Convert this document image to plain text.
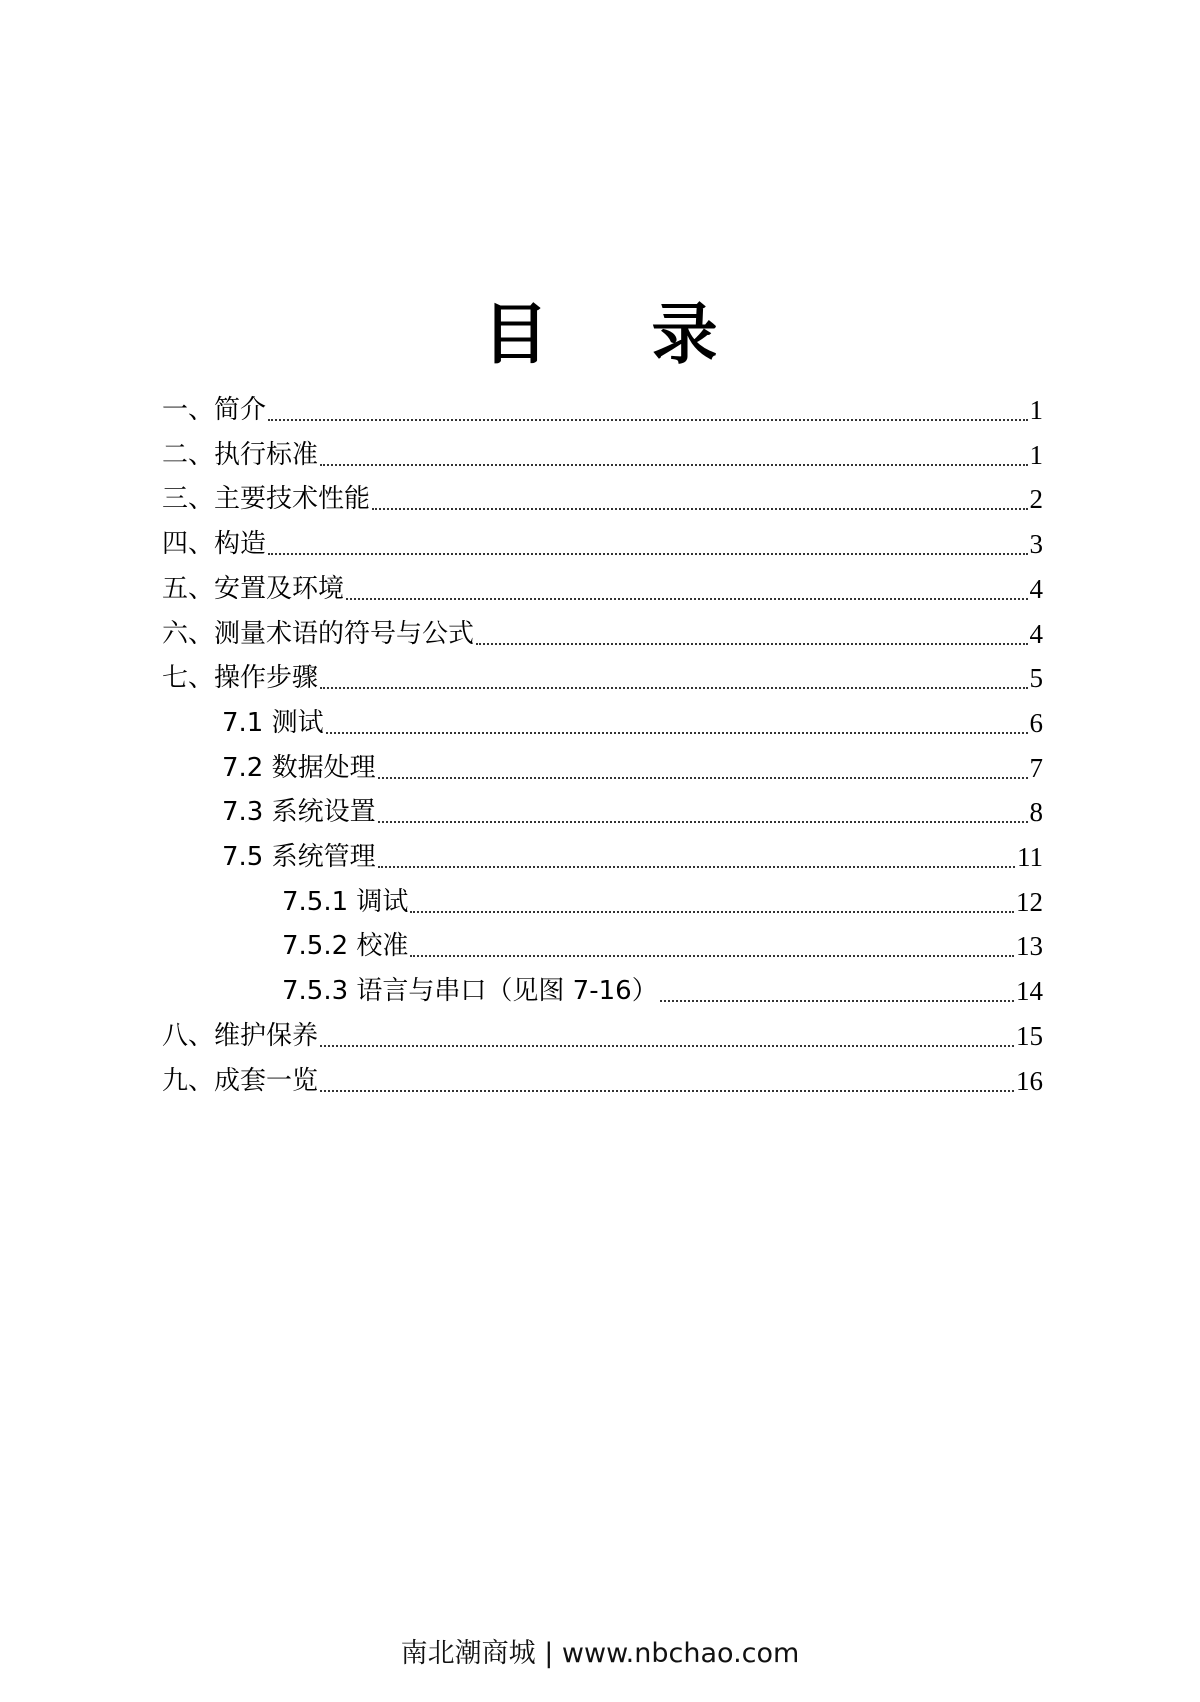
目 录
一、简介	1
二、执行标准	1
三、主要技术性能	2
四、构造	3
五、安置及环境	4
六、测量术语的符号与公式	4
七、操作步骤	5
7.1 测试	6
7.2 数据处理	7
7.3 系统设置	8
7.5 系统管理	11
7.5.1 调试	12
7.5.2 校准	13
7.5.3 语言与串口（见图 7-16）	14
八、维护保养	15
九、成套一览	16
南北潮商城 | www.nbchao.com
